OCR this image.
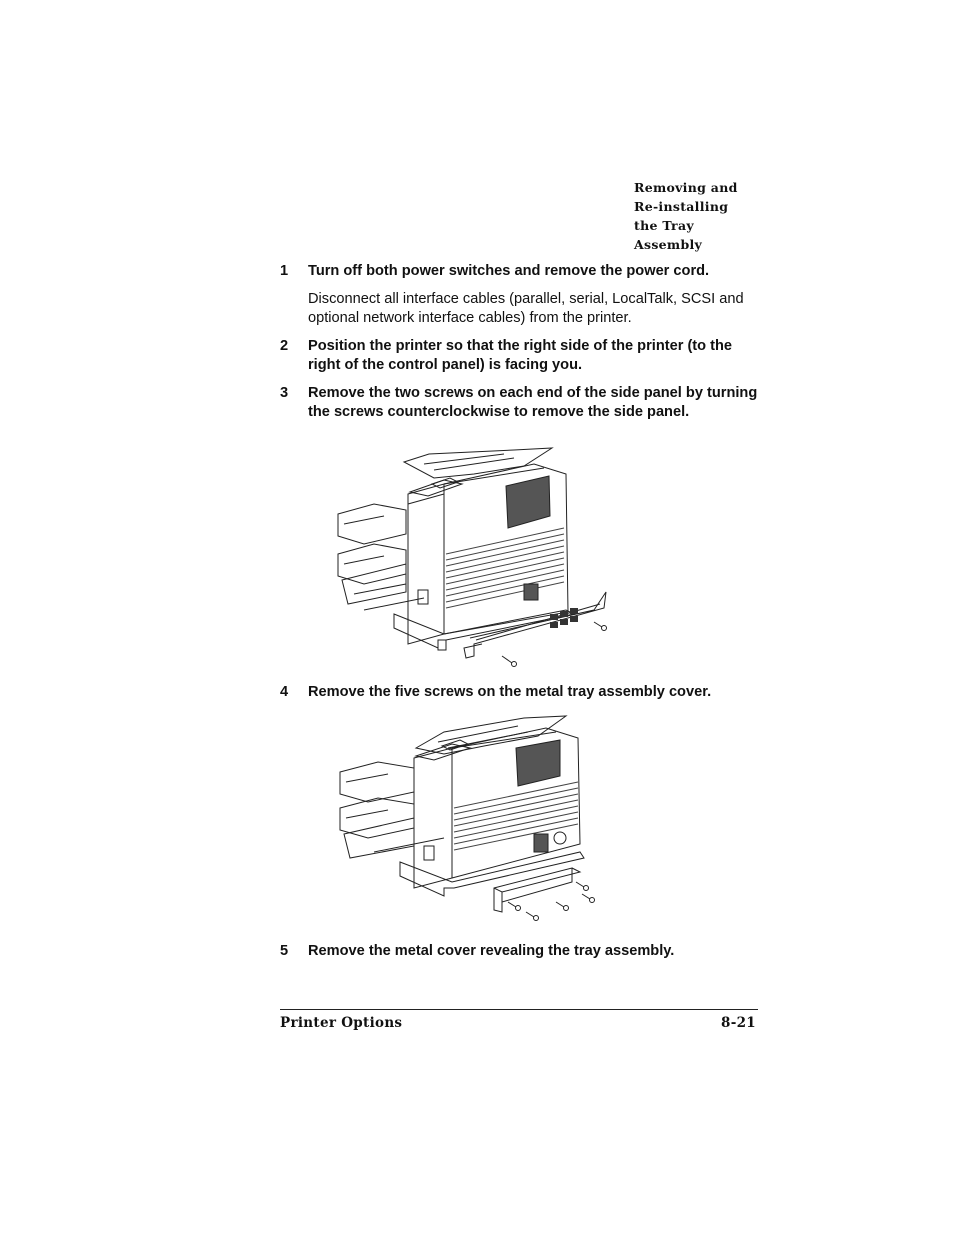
Removing and
Re-installing
the Tray
Assembly
1 Turn off both power switches and remove the power cord.
Disconnect all interface cables (parallel, serial, LocalTalk, SCSI and optional network interface cables) from the printer.
2 Position the printer so that the right side of the printer (to the right of the control panel) is facing you.
3 Remove the two screws on each end of the side panel by turning the screws counterclockwise to remove the side panel.
4 Remove the five screws on the metal tray assembly cover.
5 Remove the metal cover revealing the tray assembly.
Printer Options	8-21
